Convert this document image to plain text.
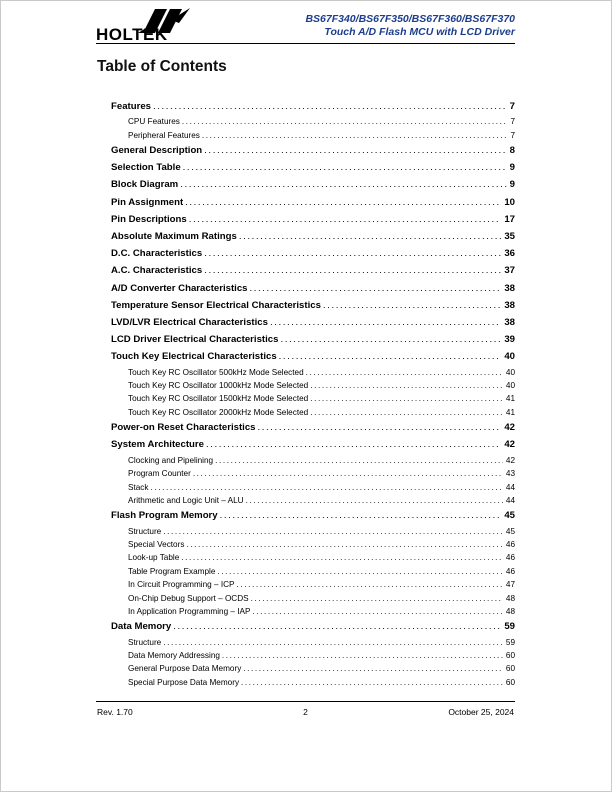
HOLTEK
BS67F340/BS67F350/BS67F360/BS67F370
Touch A/D Flash MCU with LCD Driver
Table of Contents
Features .....	7
CPU Features .....	7
Peripheral Features .....	7
General Description .....	8
Selection Table .....	9
Block Diagram .....	9
Pin Assignment .....	10
Pin Descriptions .....	17
Absolute Maximum Ratings .....	35
D.C. Characteristics .....	36
A.C. Characteristics .....	37
A/D Converter Characteristics .....	38
Temperature Sensor Electrical Characteristics .....	38
LVD/LVR Electrical Characteristics .....	38
LCD Driver Electrical Characteristics .....	39
Touch Key Electrical Characteristics .....	40
Touch Key RC Oscillator 500kHz Mode Selected .....	40
Touch Key RC Oscillator 1000kHz Mode Selected .....	40
Touch Key RC Oscillator 1500kHz Mode Selected .....	41
Touch Key RC Oscillator 2000kHz Mode Selected .....	41
Power-on Reset Characteristics .....	42
System Architecture .....	42
Clocking and Pipelining .....	42
Program Counter .....	43
Stack .....	44
Arithmetic and Logic Unit – ALU .....	44
Flash Program Memory .....	45
Structure .....	45
Special Vectors .....	46
Look-up Table .....	46
Table Program Example .....	46
In Circuit Programming – ICP .....	47
On-Chip Debug Support – OCDS .....	48
In Application Programming – IAP .....	48
Data Memory .....	59
Structure .....	59
Data Memory Addressing .....	60
General Purpose Data Memory .....	60
Special Purpose Data Memory .....	60
Rev. 1.70	2	October 25, 2024
